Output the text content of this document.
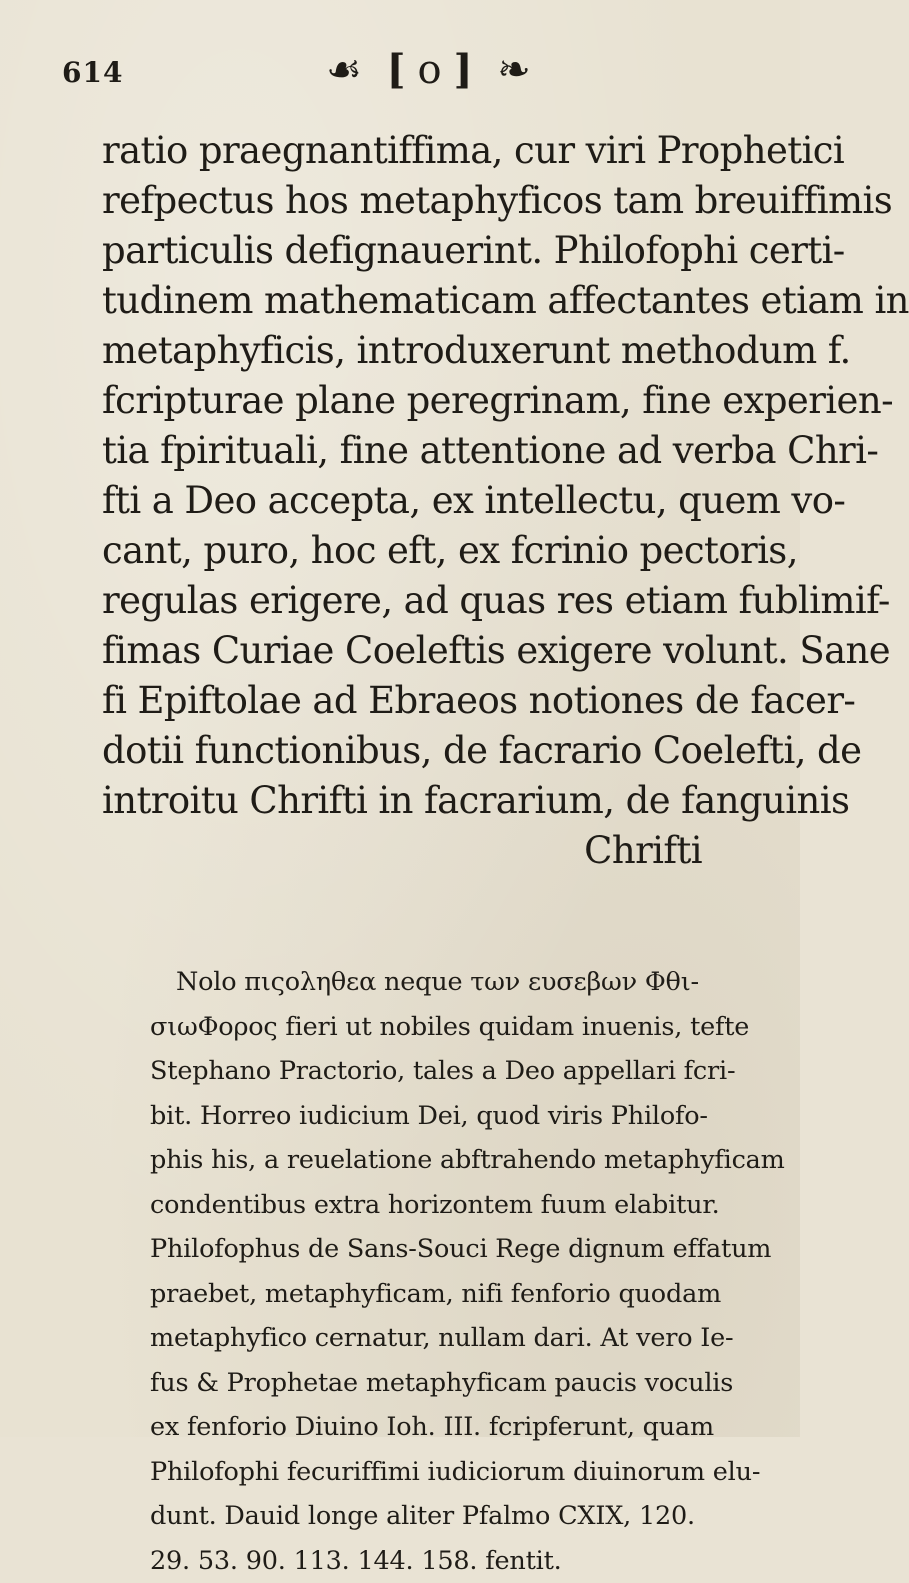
614	☙ [ o ] ❧
ratio praegnantiffima, cur viri Prophetici
refpectus hos metaphyficos tam breuiffimis
particulis defignauerint. Philofophi certi-
tudinem mathematicam affectantes etiam in
metaphyficis, introduxerunt methodum f.
fcripturae plane peregrinam, fine experien-
tia fpirituali, fine attentione ad verba Chri-
fti a Deo accepta, ex intellectu, quem vo-
cant, puro, hoc eft, ex fcrinio pectoris,
regulas erigere, ad quas res etiam fublimif-
fimas Curiae Coeleftis exigere volunt. Sane
fi Epiftolae ad Ebraeos notiones de facer-
dotii functionibus, de facrario Coelefti, de
introitu Chrifti in facrarium, de fanguinis
Chrifti
Nolo πιςοληθεα neque των ευσεβων Φθι-
σιωΦορος fieri ut nobiles quidam inuenis, tefte
Stephano Practorio, tales a Deo appellari fcri-
bit. Horreo iudicium Dei, quod viris Philofo-
phis his, a reuelatione abftrahendo metaphyficam
condentibus extra horizontem fuum elabitur.
Philofophus de Sans-Souci Rege dignum effatum
praebet, metaphyficam, nifi fenforio quodam
metaphyfico cernatur, nullam dari. At vero Ie-
fus & Prophetae metaphyficam paucis voculis
ex fenforio Diuino Ioh. III. fcripferunt, quam
Philofophi fecuriffimi iudiciorum diuinorum elu-
dunt. Dauid longe aliter Pfalmo CXIX, 120.
29. 53. 90. 113. 144. 158. fentit.
